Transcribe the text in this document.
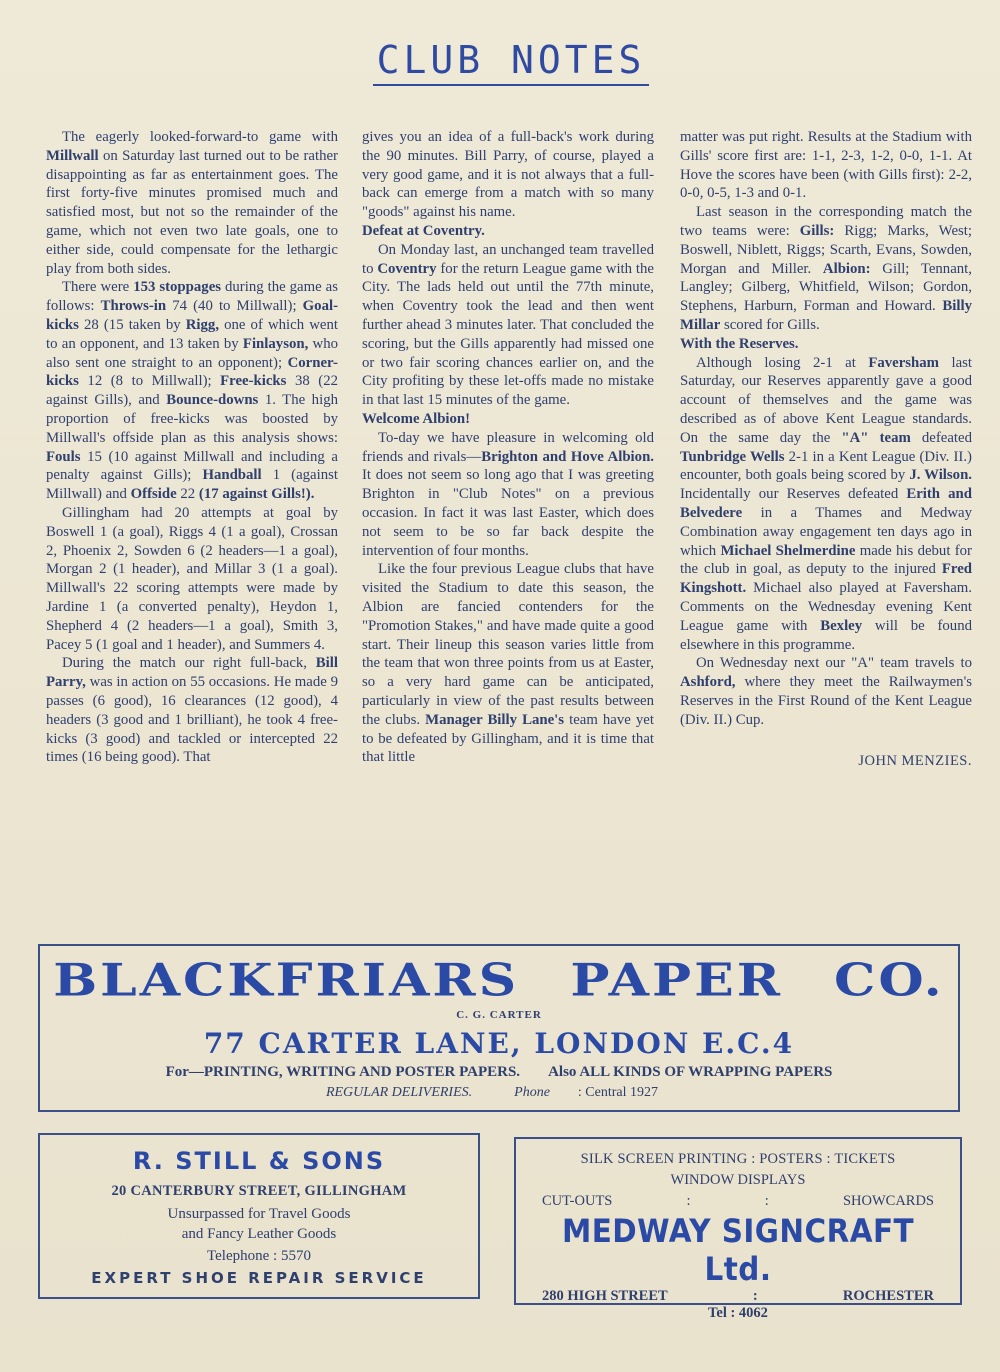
CLUB NOTES

The eagerly looked-forward-to game with Millwall on Saturday last turned out to be rather disappointing as far as entertainment goes. The first forty-five minutes promised much and satisfied most, but not so the remainder of the game, which not even two late goals, one to either side, could compensate for the lethargic play from both sides.

There were 153 stoppages during the game as follows: Throws-in 74 (40 to Millwall); Goal-kicks 28 (15 taken by Rigg, one of which went to an opponent, and 13 taken by Finlayson, who also sent one straight to an opponent); Corner-kicks 12 (8 to Millwall); Free-kicks 38 (22 against Gills), and Bounce-downs 1. The high proportion of free-kicks was boosted by Millwall's offside plan as this analysis shows: Fouls 15 (10 against Millwall and including a penalty against Gills); Handball 1 (against Millwall) and Offside 22 (17 against Gills!).

Gillingham had 20 attempts at goal by Boswell 1 (a goal), Riggs 4 (1 a goal), Crossan 2, Phoenix 2, Sowden 6 (2 headers—1 a goal), Morgan 2 (1 header), and Millar 3 (1 a goal). Millwall's 22 scoring attempts were made by Jardine 1 (a converted penalty), Heydon 1, Shepherd 4 (2 headers—1 a goal), Smith 3, Pacey 5 (1 goal and 1 header), and Summers 4.

During the match our right full-back, Bill Parry, was in action on 55 occasions. He made 9 passes (6 good), 16 clearances (12 good), 4 headers (3 good and 1 brilliant), he took 4 free-kicks (3 good) and tackled or intercepted 22 times (16 being good). That

gives you an idea of a full-back's work during the 90 minutes. Bill Parry, of course, played a very good game, and it is not always that a full-back can emerge from a match with so many "goods" against his name.

Defeat at Coventry.

On Monday last, an unchanged team travelled to Coventry for the return League game with the City. The lads held out until the 77th minute, when Coventry took the lead and then went further ahead 3 minutes later. That concluded the scoring, but the Gills apparently had missed one or two fair scoring chances earlier on, and the City profiting by these let-offs made no mistake in that last 15 minutes of the game.

Welcome Albion!

To-day we have pleasure in welcoming old friends and rivals—Brighton and Hove Albion. It does not seem so long ago that I was greeting Brighton in "Club Notes" on a previous occasion. In fact it was last Easter, which does not seem to be so far back despite the intervention of four months.

Like the four previous League clubs that have visited the Stadium to date this season, the Albion are fancied contenders for the "Promotion Stakes," and have made quite a good start. Their lineup this season varies little from the team that won three points from us at Easter, so a very hard game can be anticipated, particularly in view of the past results between the clubs. Manager Billy Lane's team have yet to be defeated by Gillingham, and it is time that that little

matter was put right. Results at the Stadium with Gills' score first are: 1-1, 2-3, 1-2, 0-0, 1-1. At Hove the scores have been (with Gills first): 2-2, 0-0, 0-5, 1-3 and 0-1.

Last season in the corresponding match the two teams were: Gills: Rigg; Marks, West; Boswell, Niblett, Riggs; Scarth, Evans, Sowden, Morgan and Miller. Albion: Gill; Tennant, Langley; Gilberg, Whitfield, Wilson; Gordon, Stephens, Harburn, Forman and Howard. Billy Millar scored for Gills.

With the Reserves.

Although losing 2-1 at Faversham last Saturday, our Reserves apparently gave a good account of themselves and the game was described as of above Kent League standards. On the same day the "A" team defeated Tunbridge Wells 2-1 in a Kent League (Div. II.) encounter, both goals being scored by J. Wilson. Incidentally our Reserves defeated Erith and Belvedere in a Thames and Medway Combination away engagement ten days ago in which Michael Shelmerdine made his debut for the club in goal, as deputy to the injured Fred Kingshott. Michael also played at Faversham. Comments on the Wednesday evening Kent League game with Bexley will be found elsewhere in this programme.

On Wednesday next our "A" team travels to Ashford, where they meet the Railwaymen's Reserves in the First Round of the Kent League (Div. II.) Cup.

JOHN MENZIES.

BLACKFRIARS PAPER CO.
C. G. CARTER
77 CARTER LANE, LONDON E.C.4
For—PRINTING, WRITING AND POSTER PAPERS. Also ALL KINDS OF WRAPPING PAPERS
REGULAR DELIVERIES.	Phone : Central 1927
R. STILL & SONS
20 CANTERBURY STREET, GILLINGHAM
Unsurpassed for Travel Goods
and Fancy Leather Goods
Telephone : 5570
EXPERT SHOE REPAIR SERVICE
SILK SCREEN PRINTING : POSTERS : TICKETS
WINDOW DISPLAYS
CUT-OUTS	:	:	SHOWCARDS
MEDWAY SIGNCRAFT Ltd.
280 HIGH STREET	:	ROCHESTER
Tel : 4062
